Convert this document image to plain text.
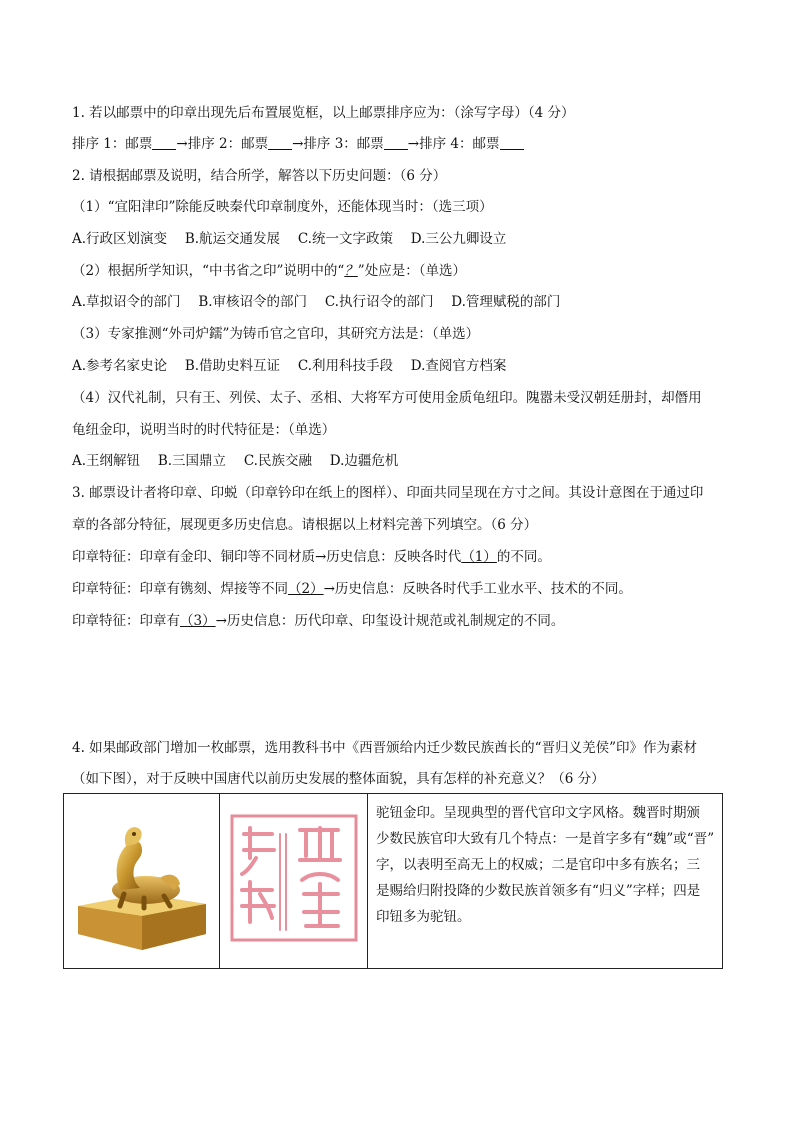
1. 若以邮票中的印章出现先后布置展览框，以上邮票排序应为：（涂写字母）（4 分）
排序 1：邮票 →排序 2：邮票 →排序 3：邮票 →排序 4：邮票
2. 请根据邮票及说明，结合所学，解答以下历史问题：（6 分）
（1）“宜阳津印”除能反映秦代印章制度外，还能体现当时：（选三项）
A.行政区划演变　 B.航运交通发展　 C.统一文字政策　 D.三公九卿设立
（2）根据所学知识，“中书省之印”说明中的“？”处应是：（单选）
A.草拟诏令的部门　 B.审核诏令的部门　 C.执行诏令的部门　 D.管理赋税的部门
（3）专家推测“外司炉鑐”为铸币官之官印，其研究方法是：（单选）
A.参考名家史论　 B.借助史料互证　 C.利用科技手段　 D.查阅官方档案
（4）汉代礼制，只有王、列侯、太子、丞相、大将军方可使用金质龟纽印。隗嚣未受汉朝廷册封，却僭用
龟纽金印，说明当时的时代特征是：（单选）
A.王纲解钮　 B.三国鼎立　 C.民族交融　 D.边疆危机
3. 邮票设计者将印章、印蜕（印章钤印在纸上的图样）、印面共同呈现在方寸之间。其设计意图在于通过印
章的各部分特征，展现更多历史信息。请根据以上材料完善下列填空。（6 分）
印章特征：印章有金印、铜印等不同材质→历史信息：反映各时代（1）的不同。
印章特征：印章有镌刻、焊接等不同（2）→历史信息：反映各时代手工业水平、技术的不同。
印章特征：印章有（3）→历史信息：历代印章、印玺设计规范或礼制规定的不同。
4. 如果邮政部门增加一枚邮票，选用教科书中《西晋颁给内迁少数民族酋长的“晋归义羌侯”印》作为素材
（如下图），对于反映中国唐代以前历史发展的整体面貌，具有怎样的补充意义？（6 分）

驼钮金印。呈现典型的晋代官印文字风格。魏晋时期颁
少数民族官印大致有几个特点：一是首字多有“魏”或“晋”
字，以表明至高无上的权威；二是官印中多有族名；三
是赐给归附投降的少数民族首领多有“归义”字样；四是
印钮多为驼钮。
